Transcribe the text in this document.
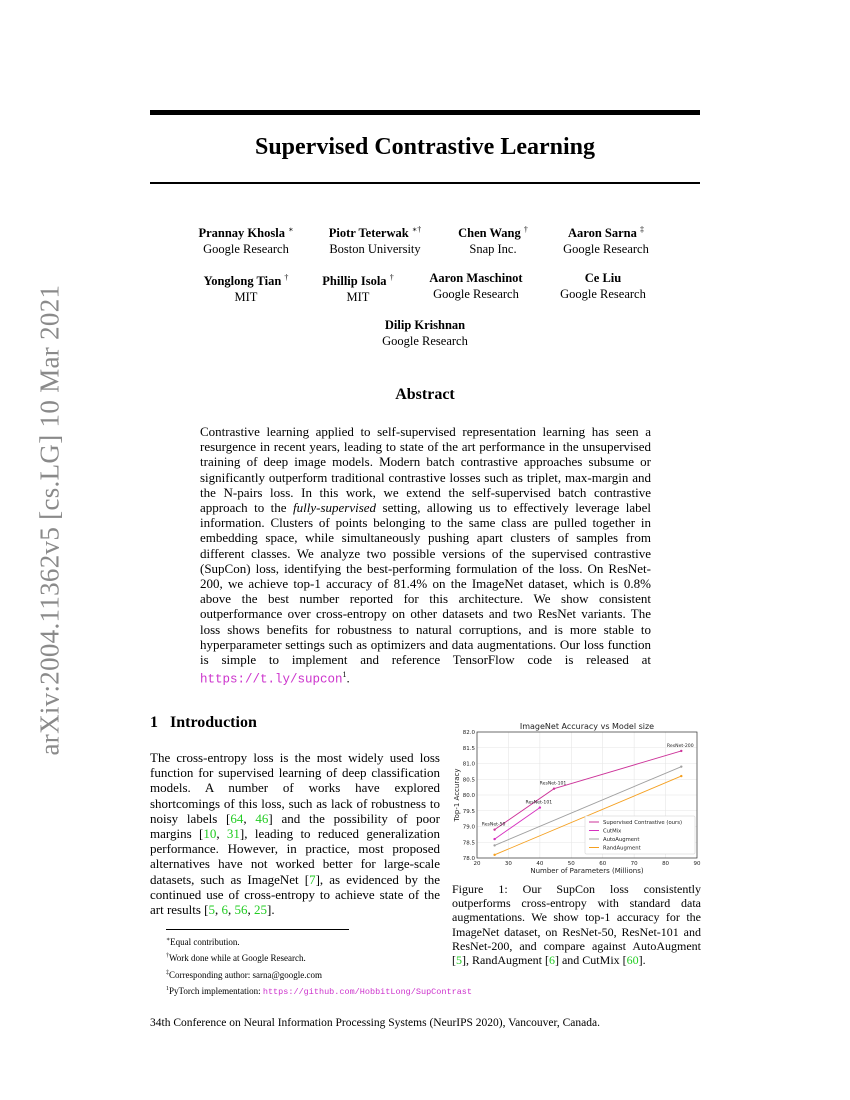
arXiv:2004.11362v5 [cs.LG] 10 Mar 2021
Supervised Contrastive Learning
Prannay Khosla ∗
Google Research
Piotr Teterwak ∗†
Boston University
Chen Wang †
Snap Inc.
Aaron Sarna ‡
Google Research
Yonglong Tian †
MIT
Phillip Isola †
MIT
Aaron Maschinot
Google Research
Ce Liu
Google Research
Dilip Krishnan
Google Research
Abstract

Contrastive learning applied to self-supervised representation learning has seen a resurgence in recent years, leading to state of the art performance in the unsupervised training of deep image models. Modern batch contrastive approaches subsume or significantly outperform traditional contrastive losses such as triplet, max-margin and the N-pairs loss. In this work, we extend the self-supervised batch contrastive approach to the fully-supervised setting, allowing us to effectively leverage label information. Clusters of points belonging to the same class are pulled together in embedding space, while simultaneously pushing apart clusters of samples from different classes. We analyze two possible versions of the supervised contrastive (SupCon) loss, identifying the best-performing formulation of the loss. On ResNet-200, we achieve top-1 accuracy of 81.4% on the ImageNet dataset, which is 0.8% above the best number reported for this architecture. We show consistent outperformance over cross-entropy on other datasets and two ResNet variants. The loss shows benefits for robustness to natural corruptions, and is more stable to hyperparameter settings such as optimizers and data augmentations. Our loss function is simple to implement and reference TensorFlow code is released at https://t.ly/supcon$^1$.

1 Introduction

The cross-entropy loss is the most widely used loss function for supervised learning of deep classification models. A number of works have explored shortcomings of this loss, such as lack of robustness to noisy labels [64, 46] and the possibility of poor margins [10, 31], leading to reduced generalization performance. However, in practice, most proposed alternatives have not worked better for large-scale datasets, such as ImageNet [7], as evidenced by the continued use of cross-entropy to achieve state of the art results [5, 6, 56, 25].

20	30	40	50	60	70	80	90
78.0
78.5
79.0
79.5
80.0
80.5
81.0
81.5
82.0
ImageNet Accuracy vs Model size
Number of Parameters (Millions)
Top-1 Accuracy
ResNet-50
ResNet-101
ResNet-200
ResNet-101
Supervised Contrastive (ours)
CutMix
AutoAugment
RandAugment

Figure 1: Our SupCon loss consistently outperforms cross-entropy with standard data augmentations. We show top-1 accuracy for the ImageNet dataset, on ResNet-50, ResNet-101 and ResNet-200, and compare against AutoAugment [5], RandAugment [6] and CutMix [60].

∗Equal contribution.
†Work done while at Google Research.
‡Corresponding author: sarna@google.com
$^1$PyTorch implementation: https://github.com/HobbitLong/SupContrast
34th Conference on Neural Information Processing Systems (NeurIPS 2020), Vancouver, Canada.
